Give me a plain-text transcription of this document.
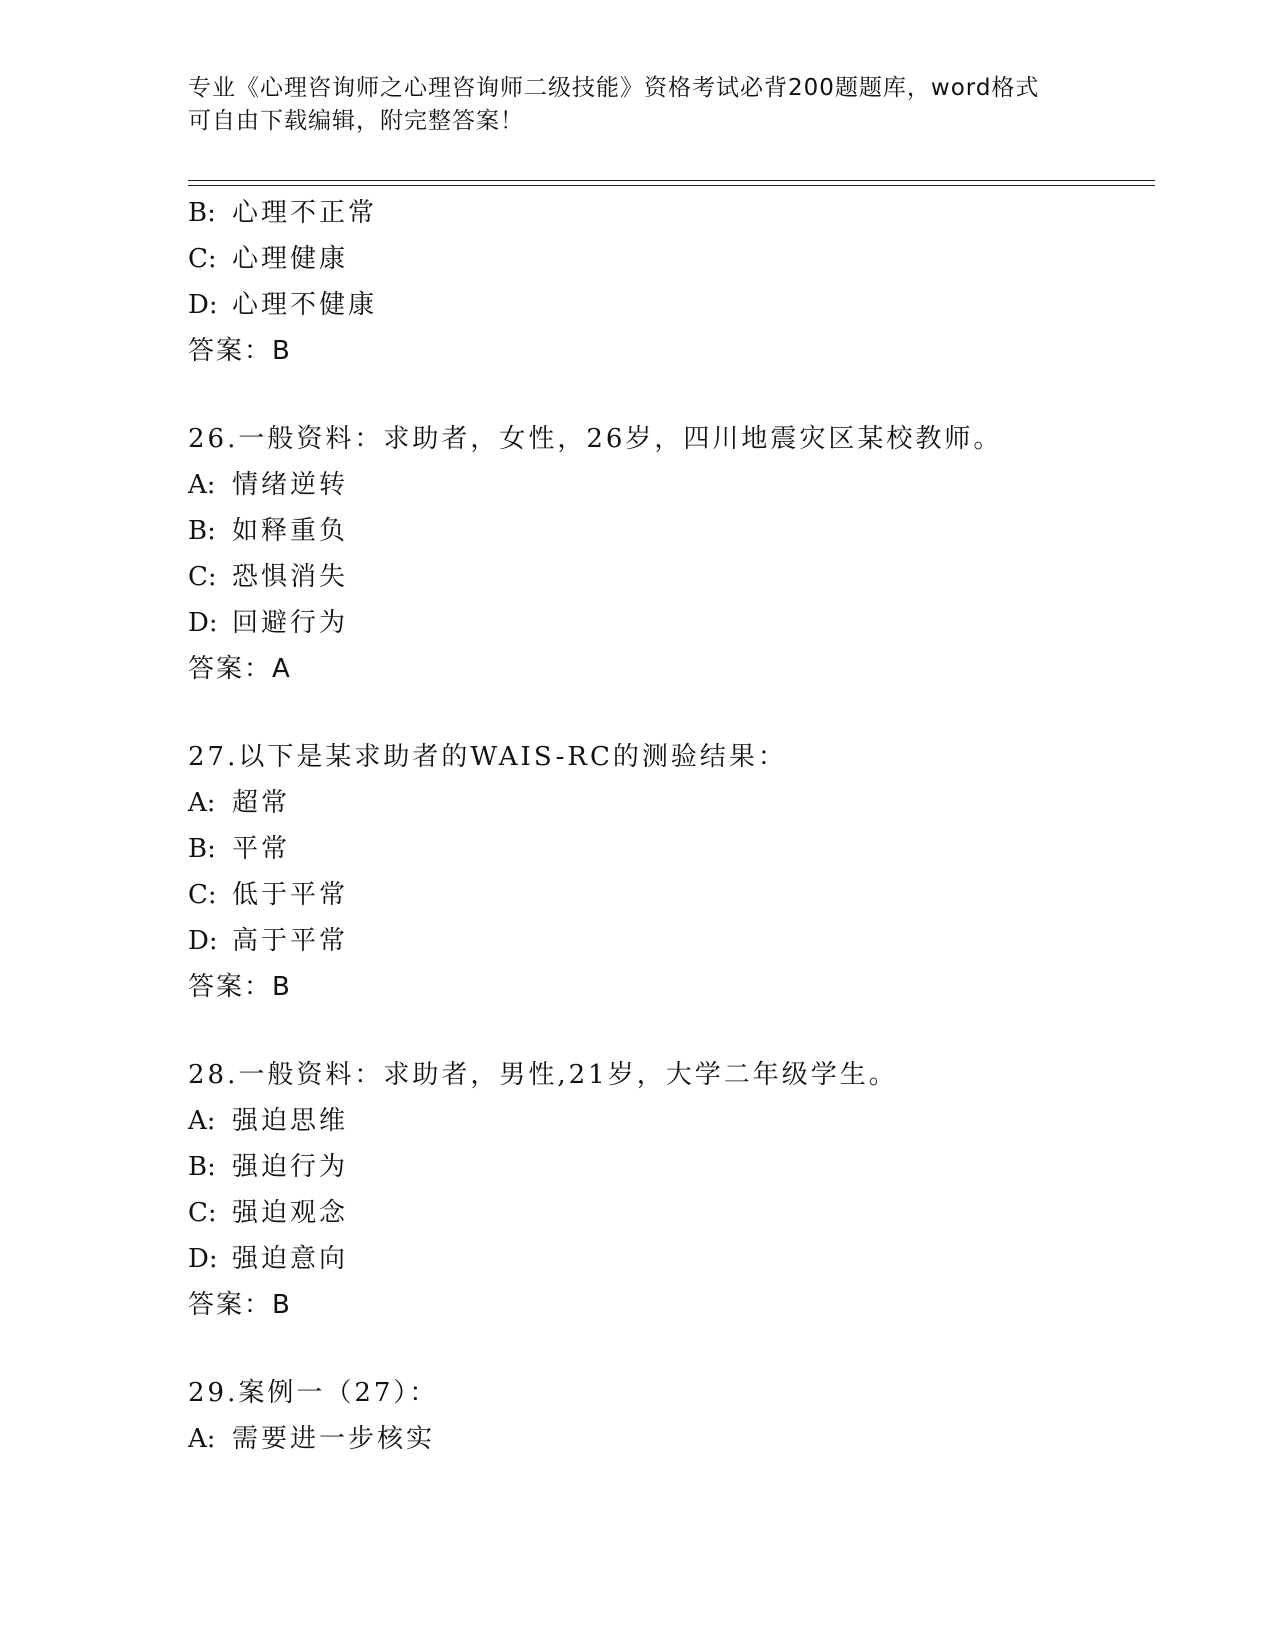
专业《心理咨询师之心理咨询师二级技能》资格考试必背200题题库，word格式
可自由下载编辑，附完整答案！
B: 心理不正常
C: 心理健康
D: 心理不健康
答案：B
26.一般资料：求助者，女性，26岁，四川地震灾区某校教师。
A: 情绪逆转
B: 如释重负
C: 恐惧消失
D: 回避行为
答案：A
27.以下是某求助者的WAIS-RC的测验结果：
A: 超常
B: 平常
C: 低于平常
D: 高于平常
答案：B
28.一般资料：求助者，男性,21岁，大学二年级学生。
A: 强迫思维
B: 强迫行为
C: 强迫观念
D: 强迫意向
答案：B
29.案例一（27）：
A: 需要进一步核实
